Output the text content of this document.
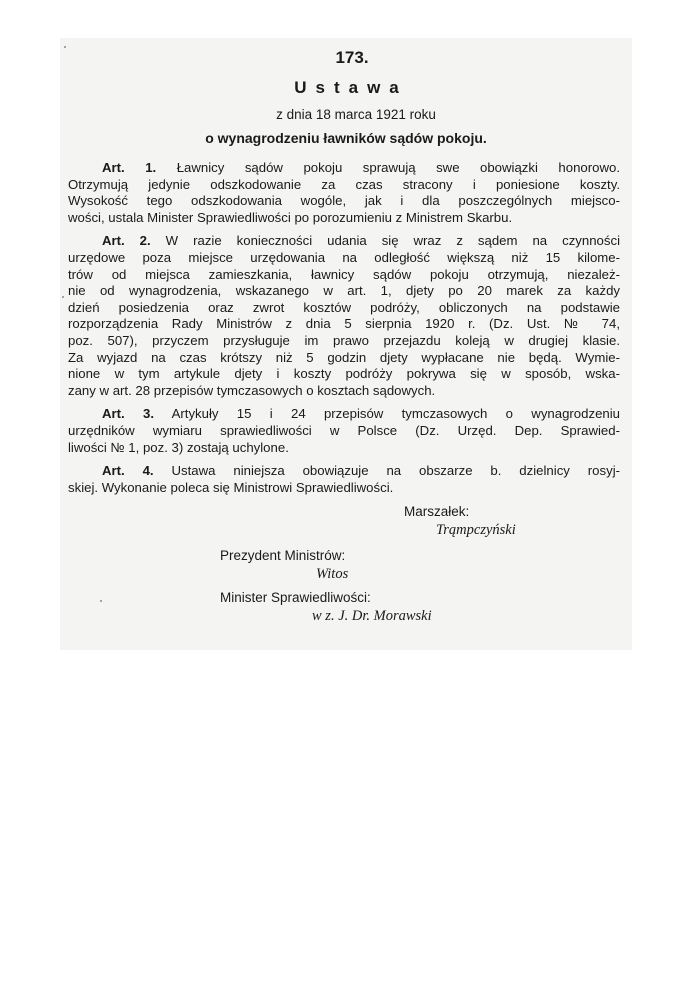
173.
Ustawa
z dnia 18 marca 1921 roku
o wynagrodzeniu ławników sądów pokoju.
Art. 1. Ławnicy sądów pokoju sprawują swe obowiązki honorowo.
Otrzymują jedynie odszkodowanie za czas stracony i poniesione koszty.
Wysokość tego odszkodowania wogóle, jak i dla poszczególnych miejsco-
wości, ustala Minister Sprawiedliwości po porozumieniu z Ministrem Skarbu.
Art. 2. W razie konieczności udania się wraz z sądem na czynności
urzędowe poza miejsce urzędowania na odległość większą niż 15 kilome-
trów od miejsca zamieszkania, ławnicy sądów pokoju otrzymują, niezależ-
nie od wynagrodzenia, wskazanego w art. 1, djety po 20 marek za każdy
dzień posiedzenia oraz zwrot kosztów podróży, obliczonych na podstawie
rozporządzenia Rady Ministrów z dnia 5 sierpnia 1920 r. (Dz. Ust. № 74,
poz. 507), przyczem przysługuje im prawo przejazdu koleją w drugiej klasie.
Za wyjazd na czas krótszy niż 5 godzin djety wypłacane nie będą. Wymie-
nione w tym artykule djety i koszty podróży pokrywa się w sposób, wska-
zany w art. 28 przepisów tymczasowych o kosztach sądowych.
Art. 3. Artykuły 15 i 24 przepisów tymczasowych o wynagrodzeniu
urzędników wymiaru sprawiedliwości w Polsce (Dz. Urzęd. Dep. Sprawied-
liwości № 1, poz. 3) zostają uchylone.
Art. 4. Ustawa niniejsza obowiązuje na obszarze b. dzielnicy rosyj-
skiej. Wykonanie poleca się Ministrowi Sprawiedliwości.
Marszałek:
Trąmpczyński
Prezydent Ministrów:
Witos
Minister Sprawiedliwości:
w z. J. Dr. Morawski
